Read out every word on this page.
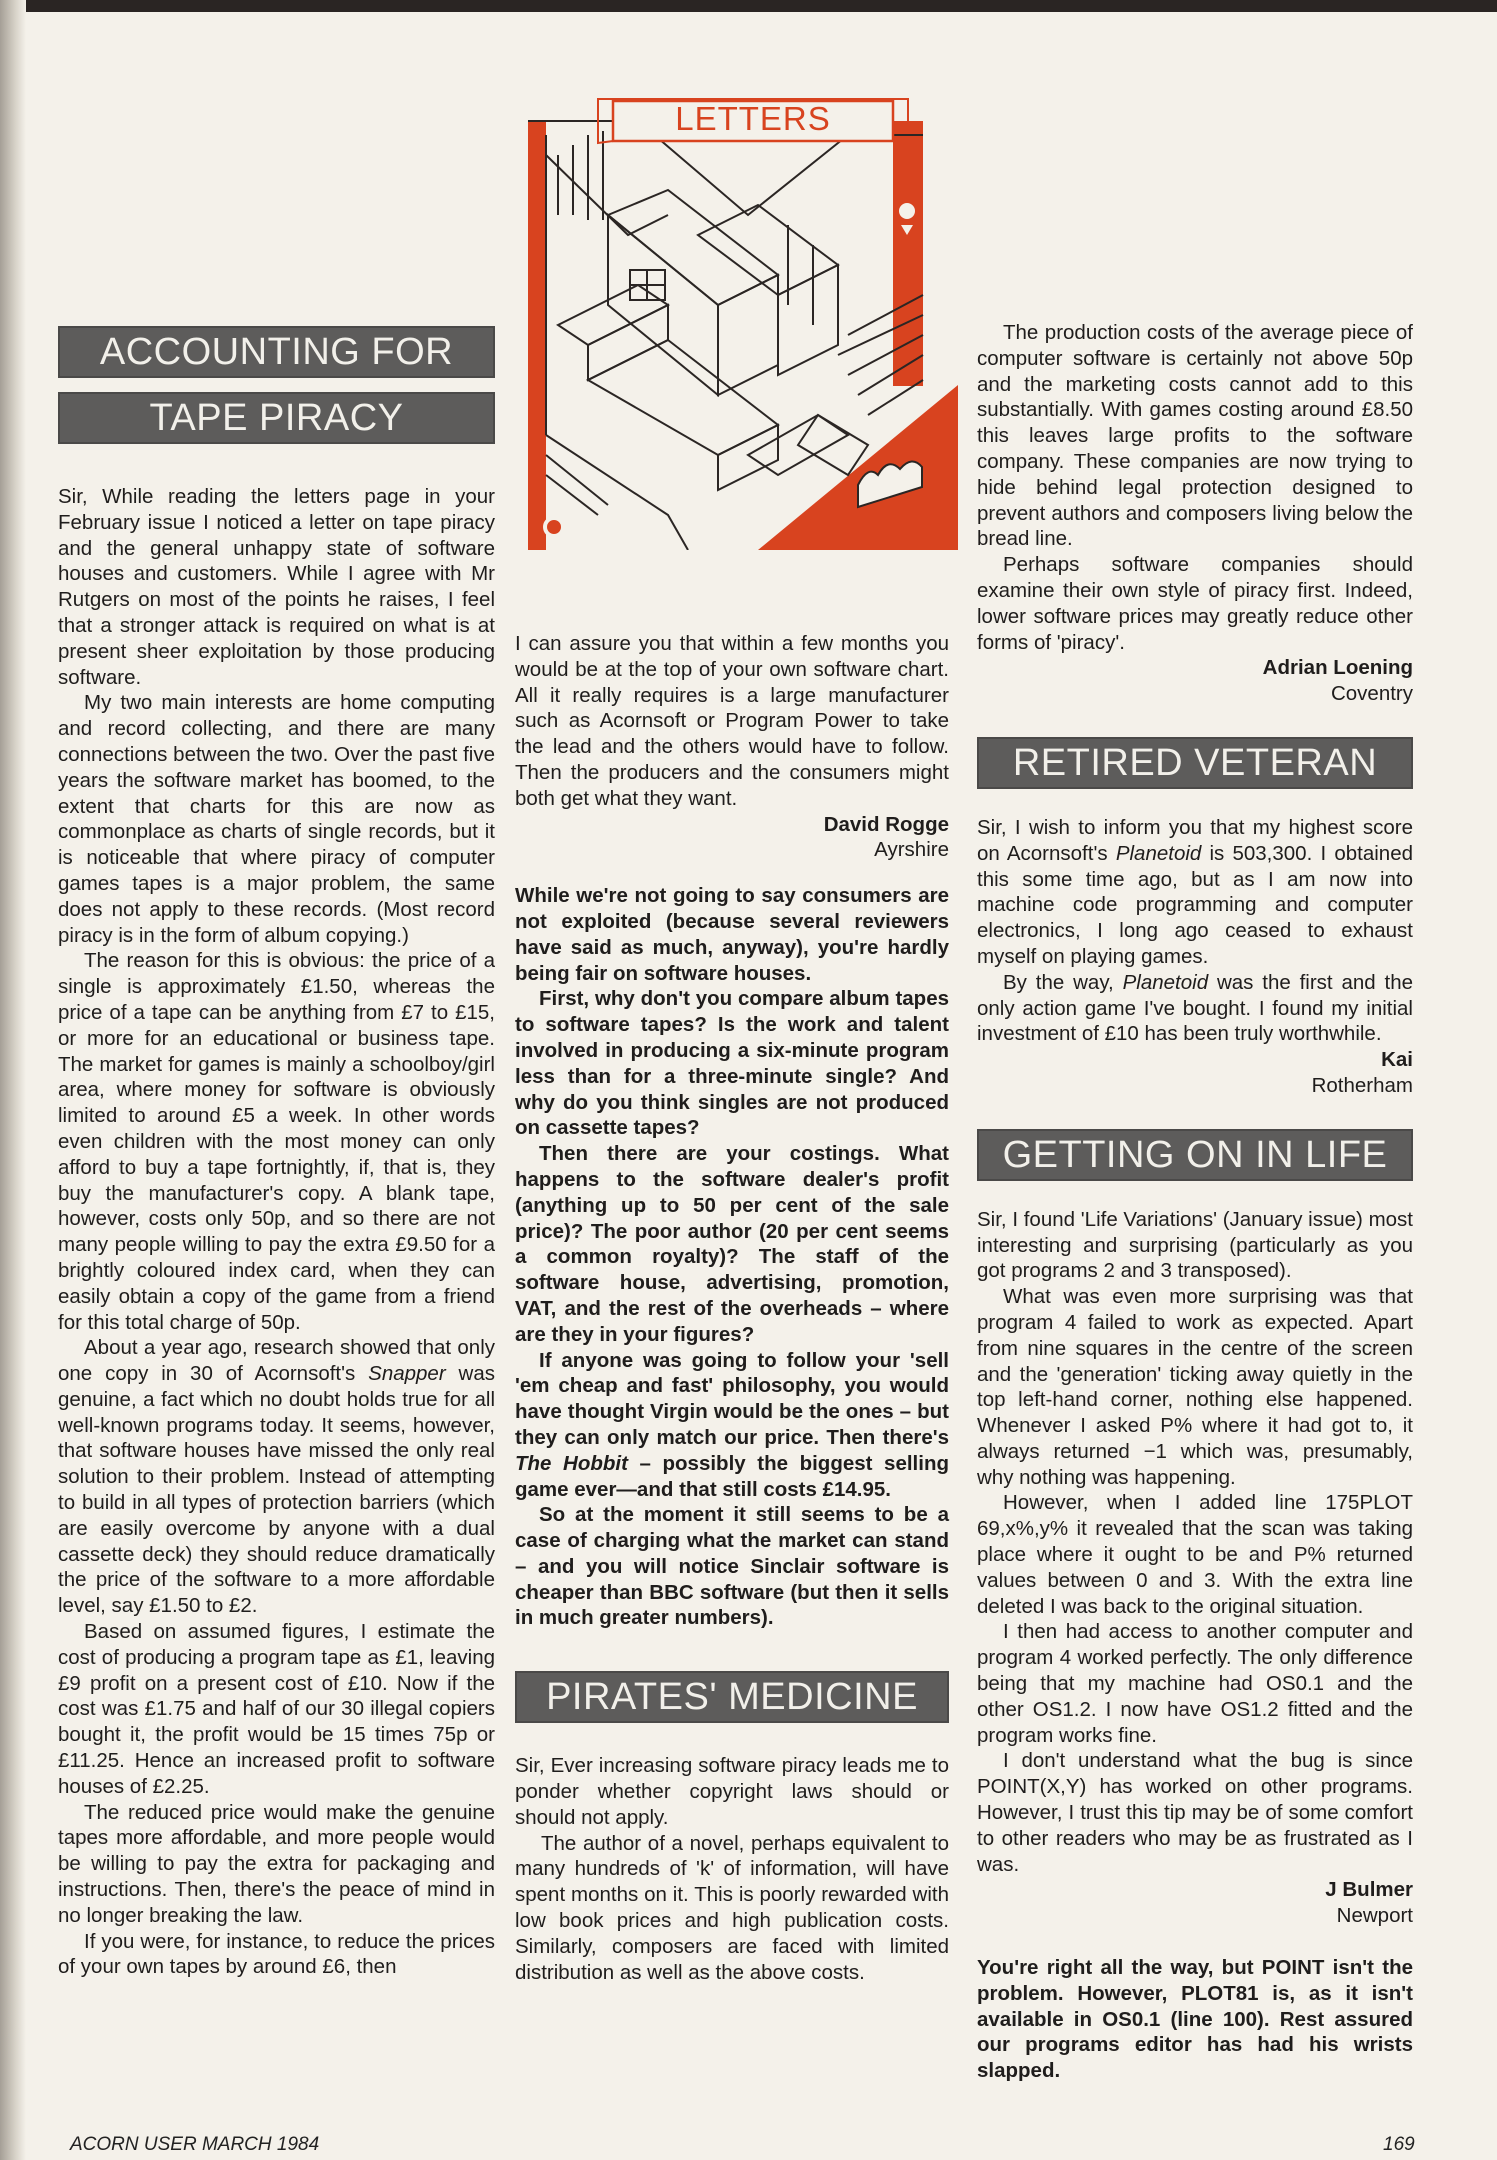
LETTERS
ACCOUNTING FOR
TAPE PIRACY

Sir, While reading the letters page in your February issue I noticed a letter on tape piracy and the general unhappy state of software houses and customers. While I agree with Mr Rutgers on most of the points he raises, I feel that a stronger attack is required on what is at present sheer exploitation by those producing software.

My two main interests are home computing and record collecting, and there are many connections between the two. Over the past five years the software market has boomed, to the extent that charts for this are now as commonplace as charts of single records, but it is noticeable that where piracy of computer games tapes is a major problem, the same does not apply to these records. (Most record piracy is in the form of album copying.)

The reason for this is obvious: the price of a single is approximately £1.50, whereas the price of a tape can be anything from £7 to £15, or more for an educational or business tape. The market for games is mainly a schoolboy/girl area, where money for software is obviously limited to around £5 a week. In other words even children with the most money can only afford to buy a tape fortnightly, if, that is, they buy the manufacturer's copy. A blank tape, however, costs only 50p, and so there are not many people willing to pay the extra £9.50 for a brightly coloured index card, when they can easily obtain a copy of the game from a friend for this total charge of 50p.

About a year ago, research showed that only one copy in 30 of Acornsoft's Snapper was genuine, a fact which no doubt holds true for all well-known programs today. It seems, however, that software houses have missed the only real solution to their problem. Instead of attempting to build in all types of protection barriers (which are easily overcome by anyone with a dual cassette deck) they should reduce dramatically the price of the software to a more affordable level, say £1.50 to £2.

Based on assumed figures, I estimate the cost of producing a program tape as £1, leaving £9 profit on a present cost of £10. Now if the cost was £1.75 and half of our 30 illegal copiers bought it, the profit would be 15 times 75p or £11.25. Hence an increased profit to software houses of £2.25.

The reduced price would make the genuine tapes more affordable, and more people would be willing to pay the extra for packaging and instructions. Then, there's the peace of mind in no longer breaking the law.

If you were, for instance, to reduce the prices of your own tapes by around £6, then

I can assure you that within a few months you would be at the top of your own software chart. All it really requires is a large manufacturer such as Acornsoft or Program Power to take the lead and the others would have to follow. Then the producers and the consumers might both get what they want.

David Rogge
Ayrshire

While we're not going to say consumers are not exploited (because several reviewers have said as much, anyway), you're hardly being fair on software houses.

First, why don't you compare album tapes to software tapes? Is the work and talent involved in producing a six-minute program less than for a three-minute single? And why do you think singles are not produced on cassette tapes?

Then there are your costings. What happens to the software dealer's profit (anything up to 50 per cent of the sale price)? The poor author (20 per cent seems a common royalty)? The staff of the software house, advertising, promotion, VAT, and the rest of the overheads – where are they in your figures?

If anyone was going to follow your 'sell 'em cheap and fast' philosophy, you would have thought Virgin would be the ones – but they can only match our price. Then there's The Hobbit – possibly the biggest selling game ever—and that still costs £14.95.

So at the moment it still seems to be a case of charging what the market can stand – and you will notice Sinclair software is cheaper than BBC software (but then it sells in much greater numbers).

PIRATES' MEDICINE

Sir, Ever increasing software piracy leads me to ponder whether copyright laws should or should not apply.

The author of a novel, perhaps equivalent to many hundreds of 'k' of information, will have spent months on it. This is poorly rewarded with low book prices and high publication costs. Similarly, composers are faced with limited distribution as well as the above costs.

The production costs of the average piece of computer software is certainly not above 50p and the marketing costs cannot add to this substantially. With games costing around £8.50 this leaves large profits to the software company. These companies are now trying to hide behind legal protection designed to prevent authors and composers living below the bread line.

Perhaps software companies should examine their own style of piracy first. Indeed, lower software prices may greatly reduce other forms of 'piracy'.

Adrian Loening
Coventry
RETIRED VETERAN

Sir, I wish to inform you that my highest score on Acornsoft's Planetoid is 503,300. I obtained this some time ago, but as I am now into machine code programming and computer electronics, I long ago ceased to exhaust myself on playing games.

By the way, Planetoid was the first and the only action game I've bought. I found my initial investment of £10 has been truly worthwhile.

Kai
Rotherham
GETTING ON IN LIFE

Sir, I found 'Life Variations' (January issue) most interesting and surprising (particularly as you got programs 2 and 3 transposed).

What was even more surprising was that program 4 failed to work as expected. Apart from nine squares in the centre of the screen and the 'generation' ticking away quietly in the top left-hand corner, nothing else happened. Whenever I asked P% where it had got to, it always returned −1 which was, presumably, why nothing was happening.

However, when I added line 175PLOT 69,x%,y% it revealed that the scan was taking place where it ought to be and P% returned values between 0 and 3. With the extra line deleted I was back to the original situation.

I then had access to another computer and program 4 worked perfectly. The only difference being that my machine had OS0.1 and the other OS1.2. I now have OS1.2 fitted and the program works fine.

I don't understand what the bug is since POINT(X,Y) has worked on other programs. However, I trust this tip may be of some comfort to other readers who may be as frustrated as I was.

J Bulmer
Newport

You're right all the way, but POINT isn't the problem. However, PLOT81 is, as it isn't available in OS0.1 (line 100). Rest assured our programs editor has had his wrists slapped.

ACORN USER MARCH 1984	169
